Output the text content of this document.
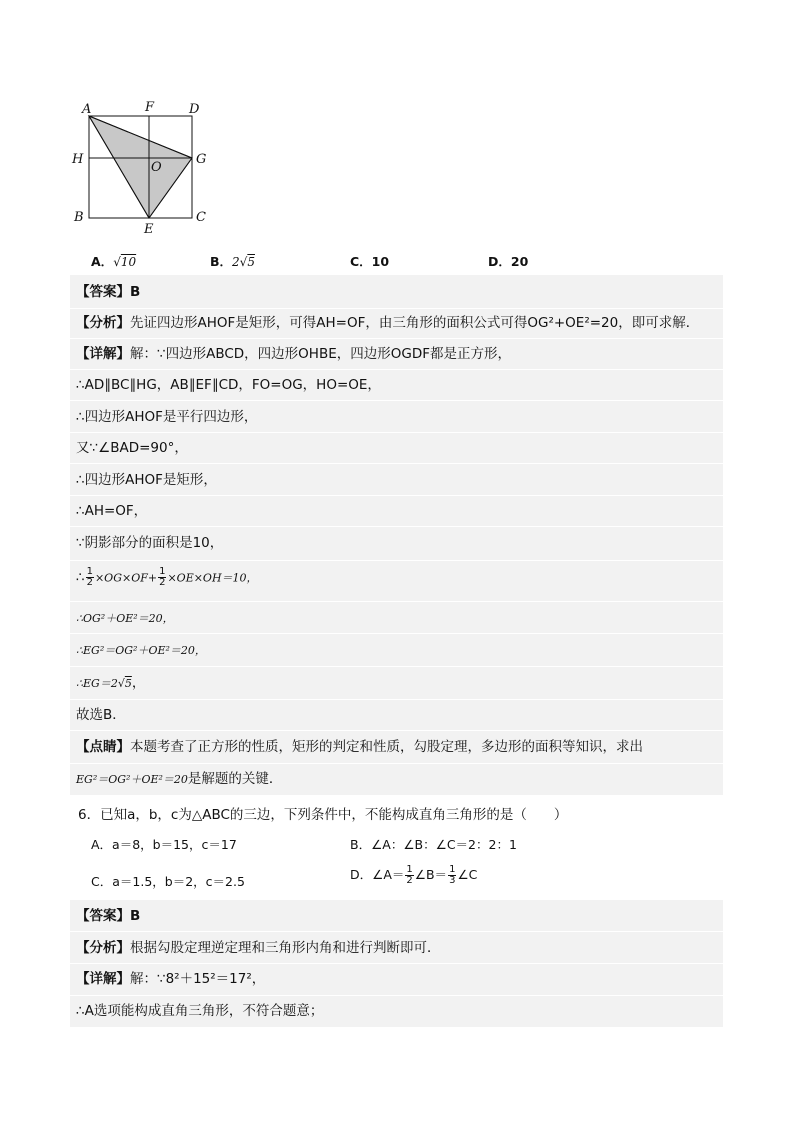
A	F	D
H
O
G
B	C
E
A．√10	B．2√5	C．10	D．20
【答案】B
【分析】先证四边形AHOF是矩形，可得AH=OF，由三角形的面积公式可得OG²+OE²=20，即可求解．
【详解】解：∵四边形ABCD，四边形OHBE，四边形OGDF都是正方形，
∴AD∥BC∥HG，AB∥EF∥CD，FO=OG，HO=OE，
∴四边形AHOF是平行四边形，
又∵∠BAD=90°，
∴四边形AHOF是矩形，
∴AH=OF，
∵阴影部分的面积是10，
∴ $\frac{1}{2} \times OG\times OF+ \frac{1}{2} \times OE\times OH=10$，
∴OG²＋OE²＝20，
∴EG²＝OG²＋OE²＝20，
∴EG＝2√5，
故选B．
【点睛】本题考查了正方形的性质，矩形的判定和性质，勾股定理，多边形的面积等知识，求出
EG²＝OG²＋OE²＝20是解题的关键．
6．已知a，b，c为△ABC的三边，下列条件中，不能构成直角三角形的是（　　）
A．a＝8，b＝15，c＝17	B．∠A：∠B：∠C＝2：2：1
C．a＝1.5，b＝2，c＝2.5	D．∠A＝ $\frac{1}{2}$ ∠B＝ $\frac{1}{3}$ ∠C
【答案】B
【分析】根据勾股定理逆定理和三角形内角和进行判断即可．
【详解】解：∵8²＋15²＝17²，
∴A选项能构成直角三角形，不符合题意；
